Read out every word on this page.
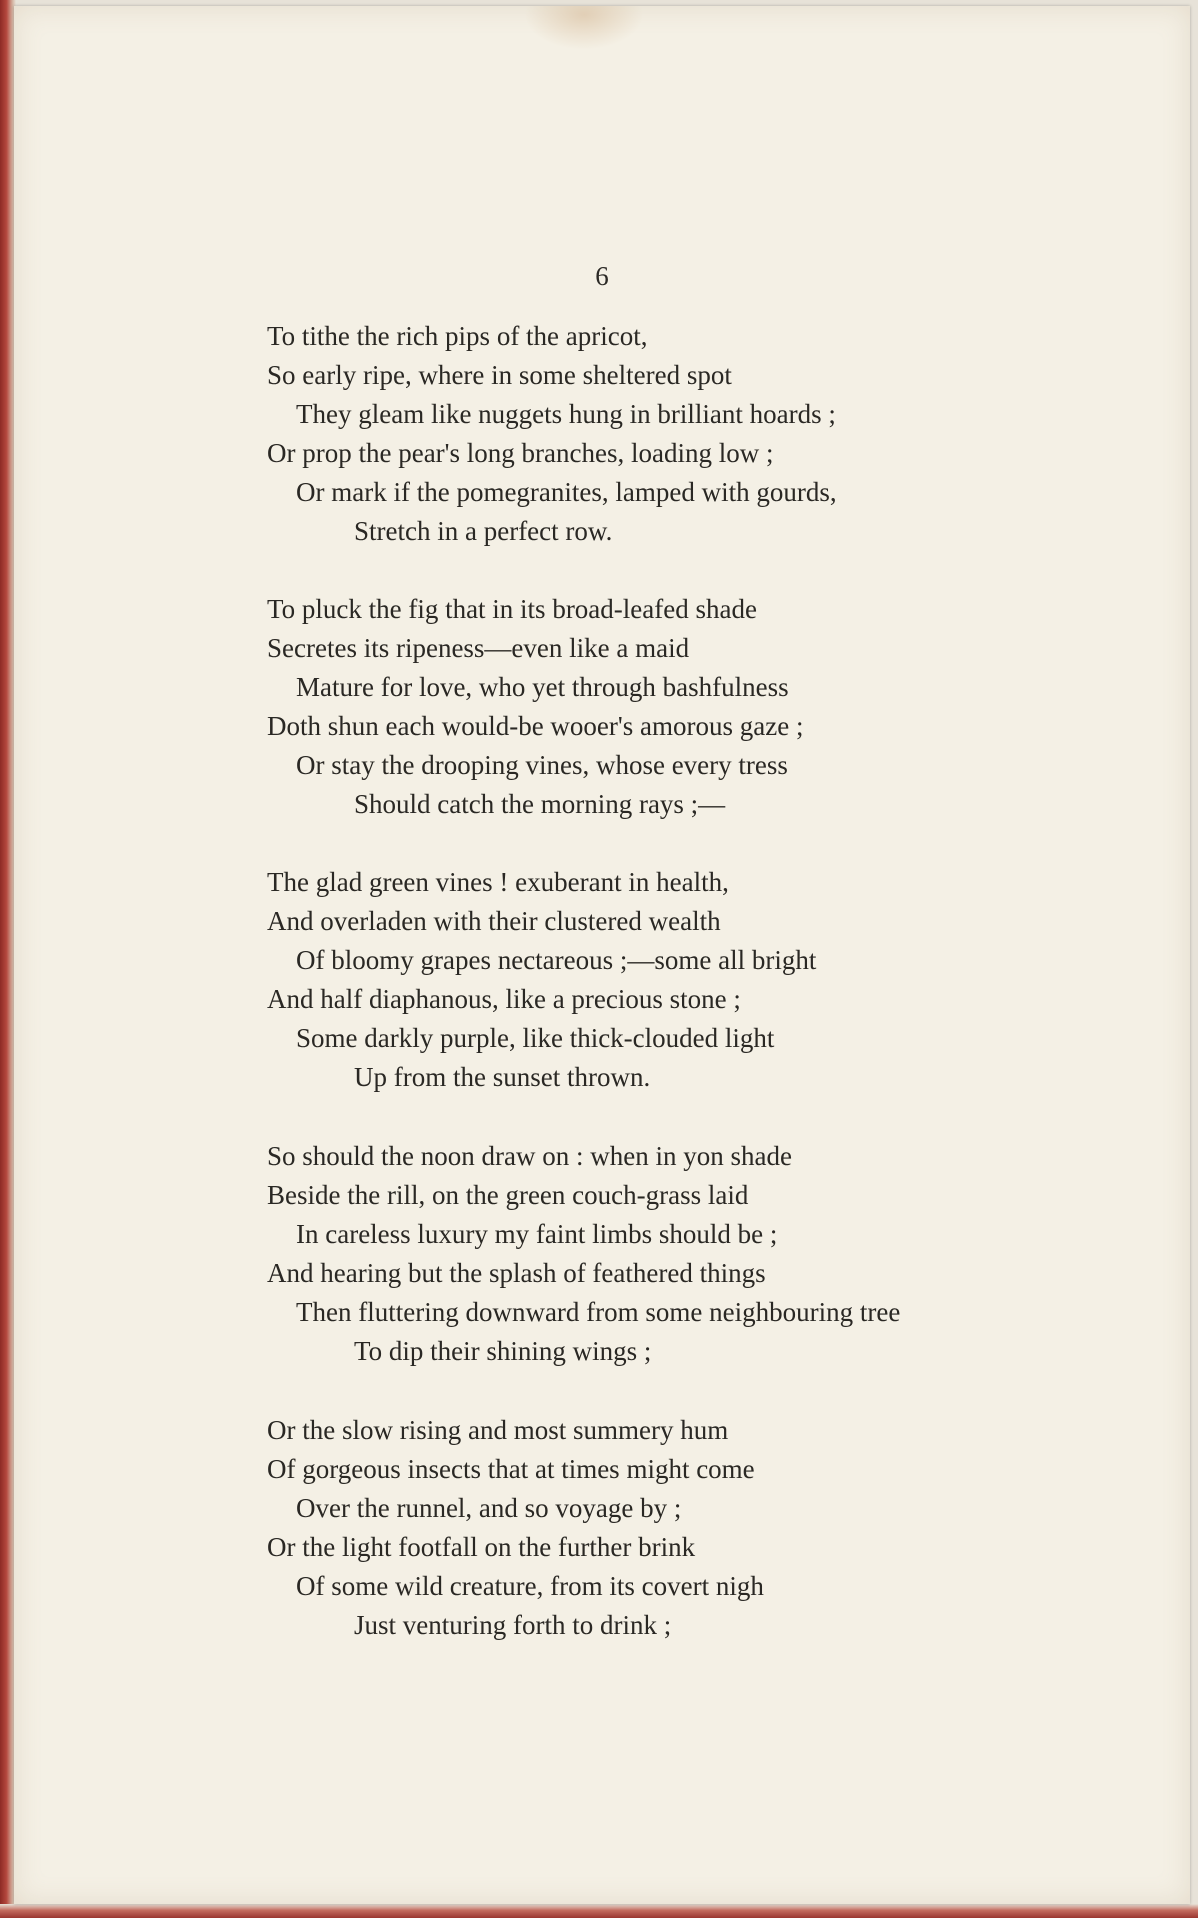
6
To tithe the rich pips of the apricot,
So early ripe, where in some sheltered spot
They gleam like nuggets hung in brilliant hoards ;
Or prop the pear's long branches, loading low ;
Or mark if the pomegranites, lamped with gourds,
Stretch in a perfect row.
To pluck the fig that in its broad-leafed shade
Secretes its ripeness—even like a maid
Mature for love, who yet through bashfulness
Doth shun each would-be wooer's amorous gaze ;
Or stay the drooping vines, whose every tress
Should catch the morning rays ;—
The glad green vines ! exuberant in health,
And overladen with their clustered wealth
Of bloomy grapes nectareous ;—some all bright
And half diaphanous, like a precious stone ;
Some darkly purple, like thick-clouded light
Up from the sunset thrown.
So should the noon draw on : when in yon shade
Beside the rill, on the green couch-grass laid
In careless luxury my faint limbs should be ;
And hearing but the splash of feathered things
Then fluttering downward from some neighbouring tree
To dip their shining wings ;
Or the slow rising and most summery hum
Of gorgeous insects that at times might come
Over the runnel, and so voyage by ;
Or the light footfall on the further brink
Of some wild creature, from its covert nigh
Just venturing forth to drink ;
